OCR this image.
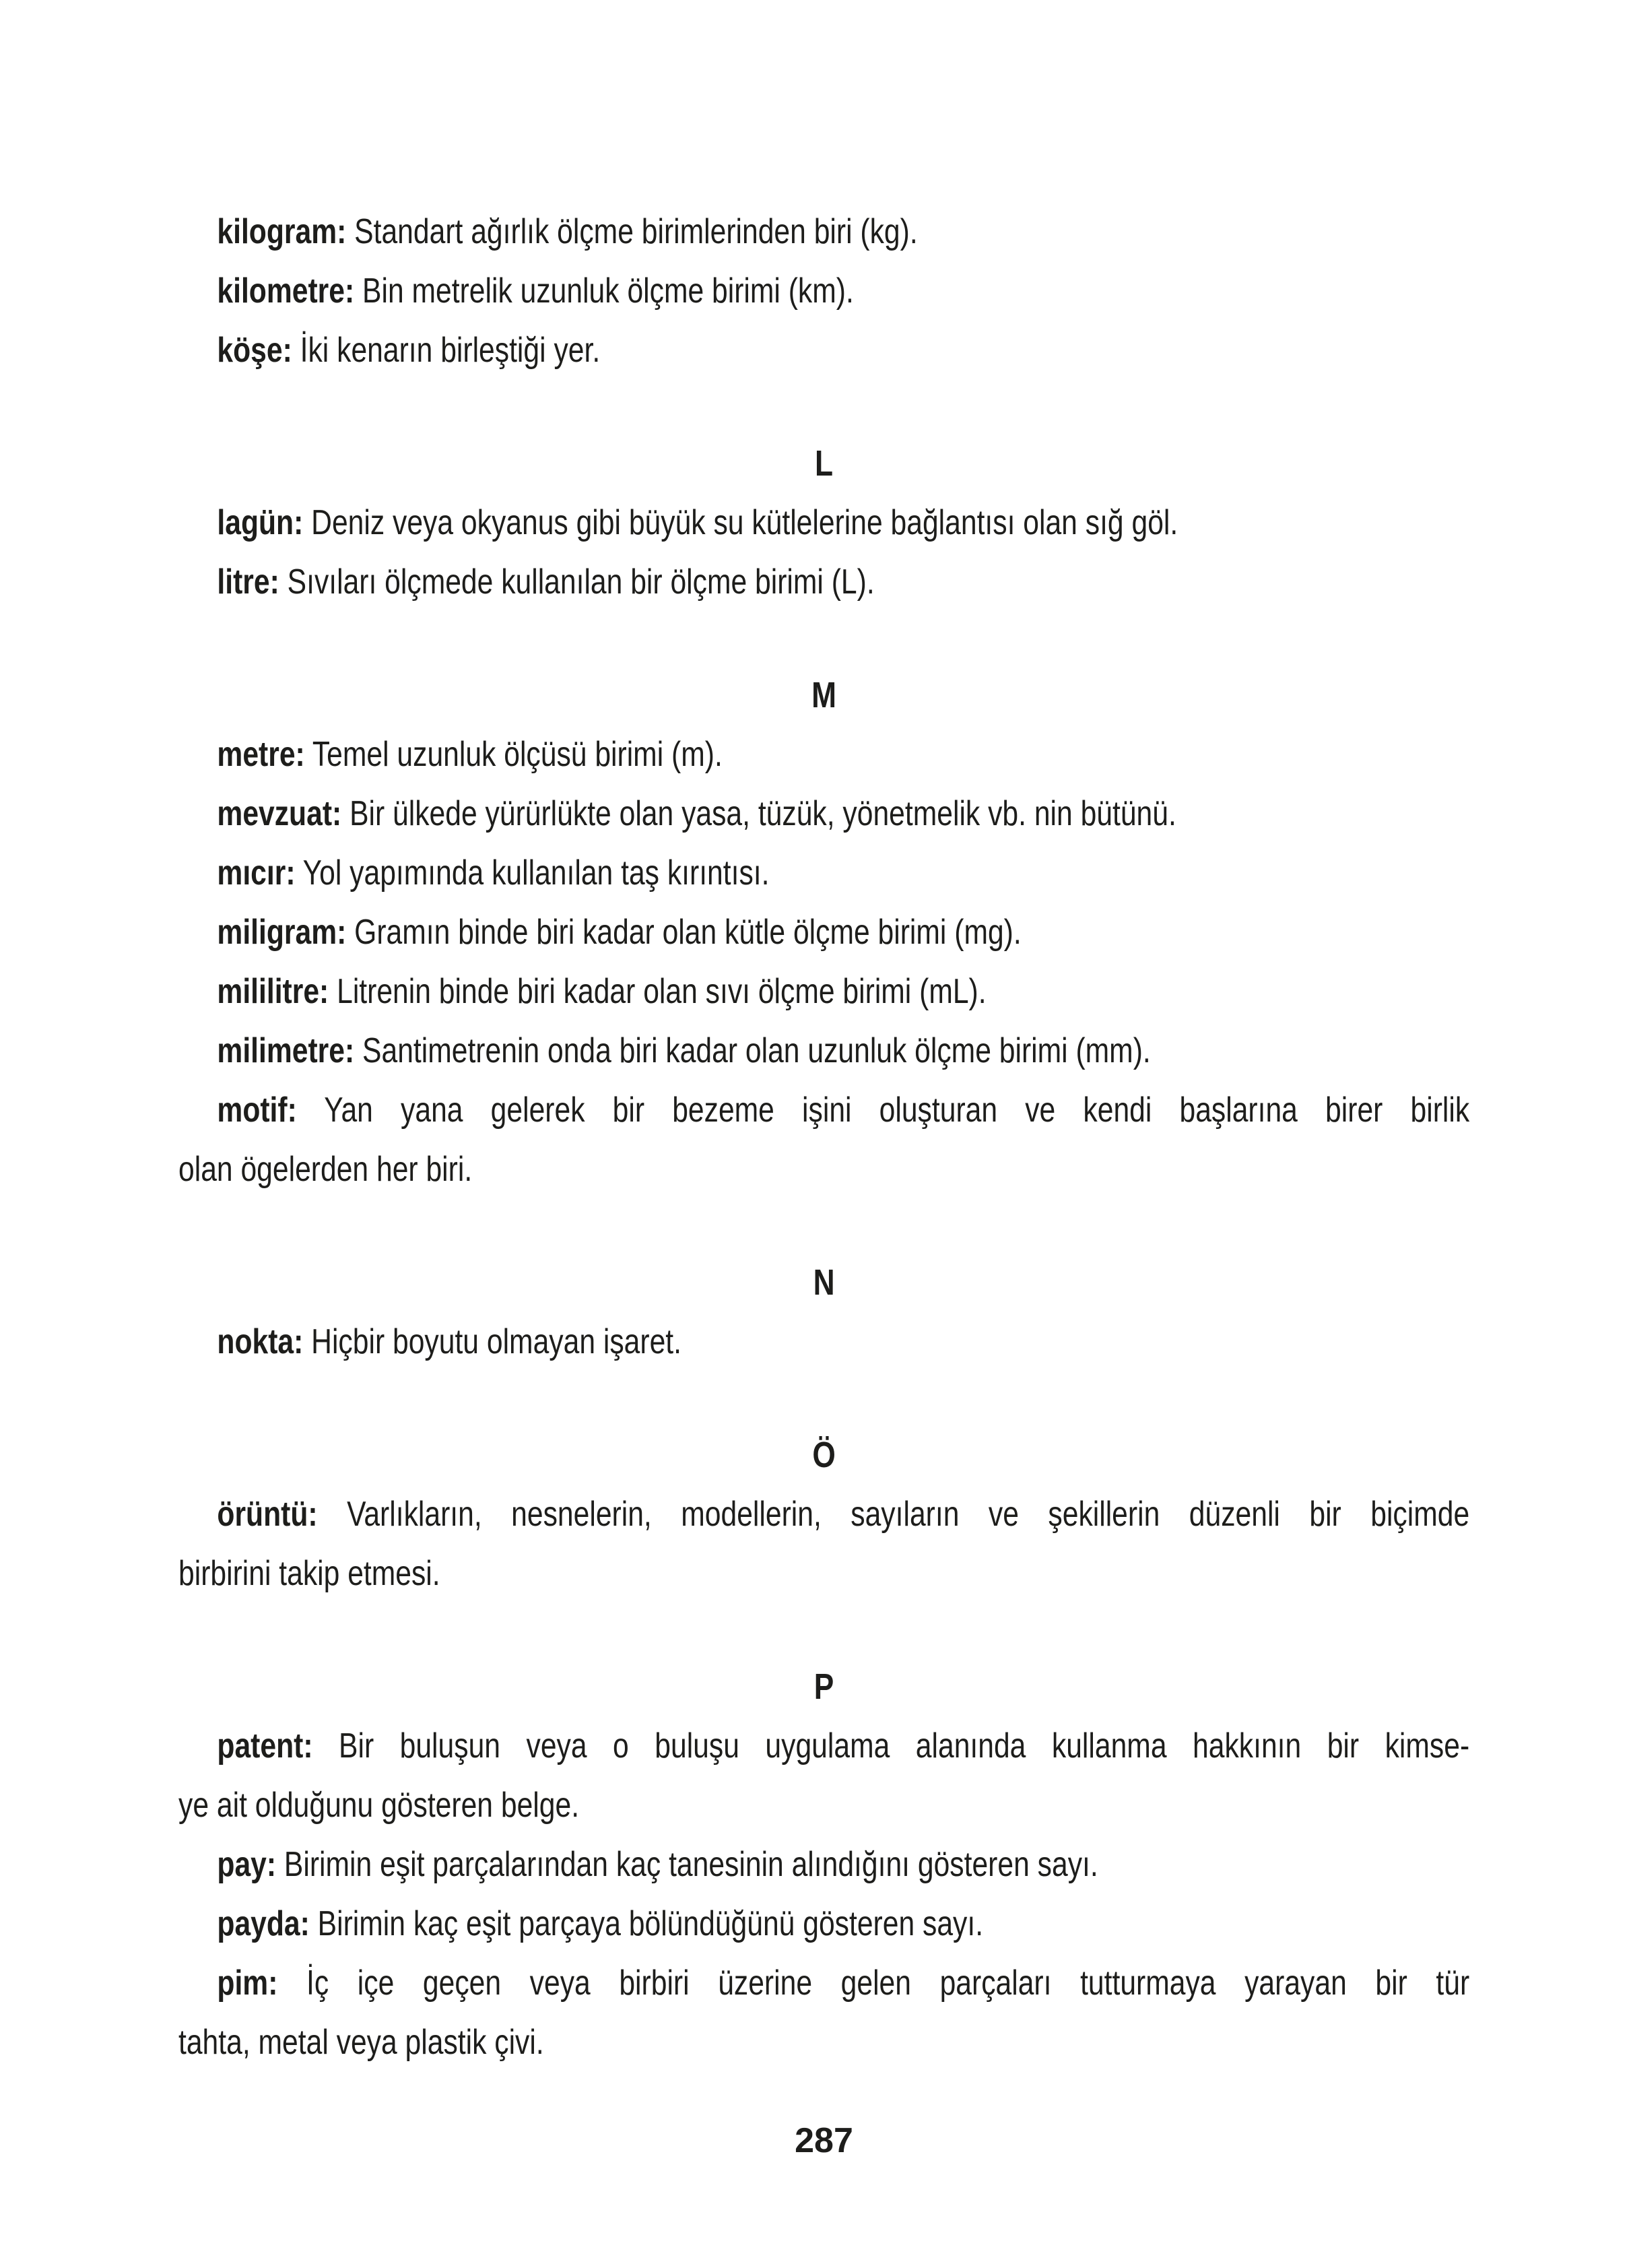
kilogram: Standart ağırlık ölçme birimlerinden biri (kg).
kilometre: Bin metrelik uzunluk ölçme birimi (km).
köşe: İki kenarın birleştiği yer.
L
lagün: Deniz veya okyanus gibi büyük su kütlelerine bağlantısı olan sığ göl.
litre: Sıvıları ölçmede kullanılan bir ölçme birimi (L).
M
metre: Temel uzunluk ölçüsü birimi (m).
mevzuat: Bir ülkede yürürlükte olan yasa, tüzük, yönetmelik vb. nin bütünü.
mıcır: Yol yapımında kullanılan taş kırıntısı.
miligram: Gramın binde biri kadar olan kütle ölçme birimi (mg).
mililitre: Litrenin binde biri kadar olan sıvı ölçme birimi (mL).
milimetre: Santimetrenin onda biri kadar olan uzunluk ölçme birimi (mm).
motif: Yan yana gelerek bir bezeme işini oluşturan ve kendi başlarına birer birlik
olan ögelerden her biri.
N
nokta: Hiçbir boyutu olmayan işaret.
Ö
örüntü: Varlıkların, nesnelerin, modellerin, sayıların ve şekillerin düzenli bir biçimde
birbirini takip etmesi.
P
patent: Bir buluşun veya o buluşu uygulama alanında kullanma hakkının bir kimse-
ye ait olduğunu gösteren belge.
pay: Birimin eşit parçalarından kaç tanesinin alındığını gösteren sayı.
payda: Birimin kaç eşit parçaya bölündüğünü gösteren sayı.
pim: İç içe geçen veya birbiri üzerine gelen parçaları tutturmaya yarayan bir tür
tahta, metal veya plastik çivi.
287
